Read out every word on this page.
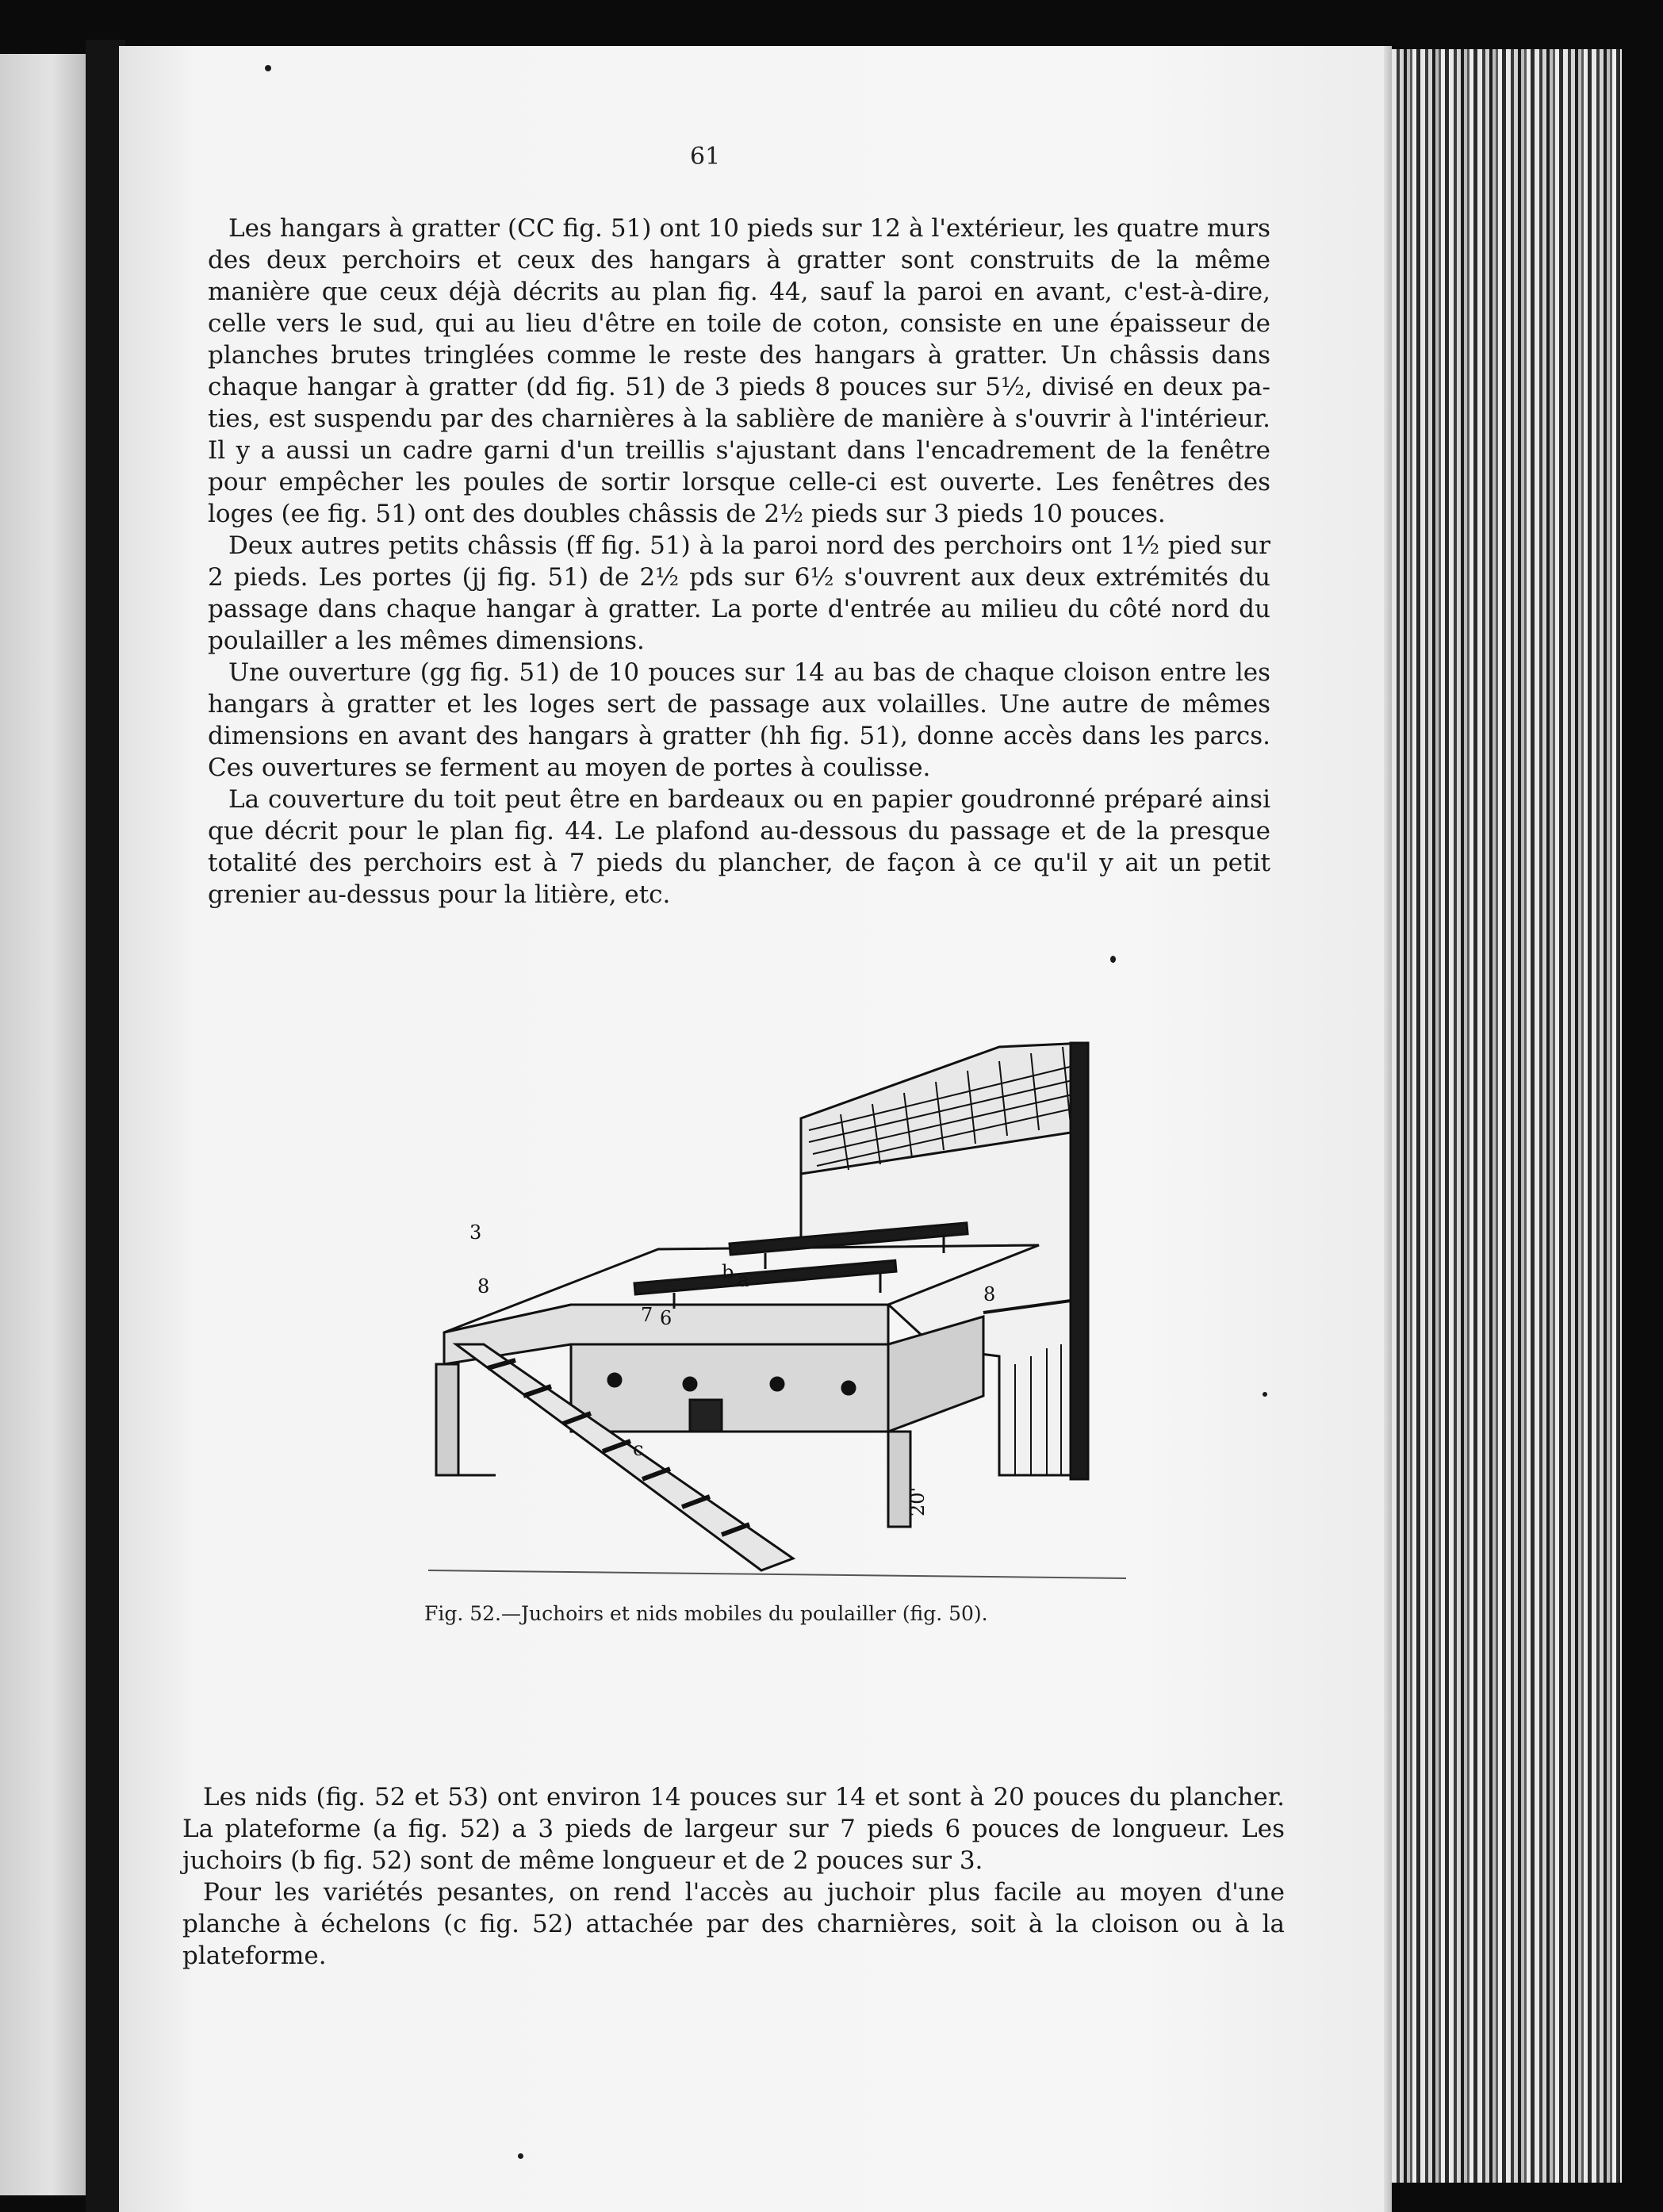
61

Les hangars à gratter (CC fig. 51) ont 10 pieds sur 12 à l'extérieur, les quatre murs des deux perchoirs et ceux des hangars à gratter sont construits de la même manière que ceux déjà décrits au plan fig. 44, sauf la paroi en avant, c'est-à-dire, celle vers le sud, qui au lieu d'être en toile de coton, consiste en une épaisseur de planches brutes tringlées comme le reste des hangars à gratter. Un châssis dans chaque hangar à gratter (dd fig. 51) de 3 pieds 8 pouces sur 5½, divisé en deux pa-ties, est suspendu par des charnières à la sablière de manière à s'ouvrir à l'intérieur. Il y a aussi un cadre garni d'un treillis s'ajustant dans l'encadrement de la fenêtre pour empêcher les poules de sortir lorsque celle-ci est ouverte. Les fenêtres des loges (ee fig. 51) ont des doubles châssis de 2½ pieds sur 3 pieds 10 pouces.

Deux autres petits châssis (ff fig. 51) à la paroi nord des perchoirs ont 1½ pied sur 2 pieds. Les portes (jj fig. 51) de 2½ pds sur 6½ s'ouvrent aux deux extrémités du passage dans chaque hangar à gratter. La porte d'entrée au milieu du côté nord du poulailler a les mêmes dimensions.

Une ouverture (gg fig. 51) de 10 pouces sur 14 au bas de chaque cloison entre les hangars à gratter et les loges sert de passage aux volailles. Une autre de mêmes dimensions en avant des hangars à gratter (hh fig. 51), donne accès dans les parcs. Ces ouvertures se ferment au moyen de portes à coulisse.

La couverture du toit peut être en bardeaux ou en papier goudronné préparé ainsi que décrit pour le plan fig. 44. Le plafond au-dessous du passage et de la presque totalité des perchoirs est à 7 pieds du plancher, de façon à ce qu'il y ait un petit grenier au-dessus pour la litière, etc.

a
b
7 6
c
3
8	8
20'
Fig. 52.—Juchoirs et nids mobiles du poulailler (fig. 50).

Les nids (fig. 52 et 53) ont environ 14 pouces sur 14 et sont à 20 pouces du plancher. La plateforme (a fig. 52) a 3 pieds de largeur sur 7 pieds 6 pouces de longueur. Les juchoirs (b fig. 52) sont de même longueur et de 2 pouces sur 3.

Pour les variétés pesantes, on rend l'accès au juchoir plus facile au moyen d'une planche à échelons (c fig. 52) attachée par des charnières, soit à la cloison ou à la plateforme.
